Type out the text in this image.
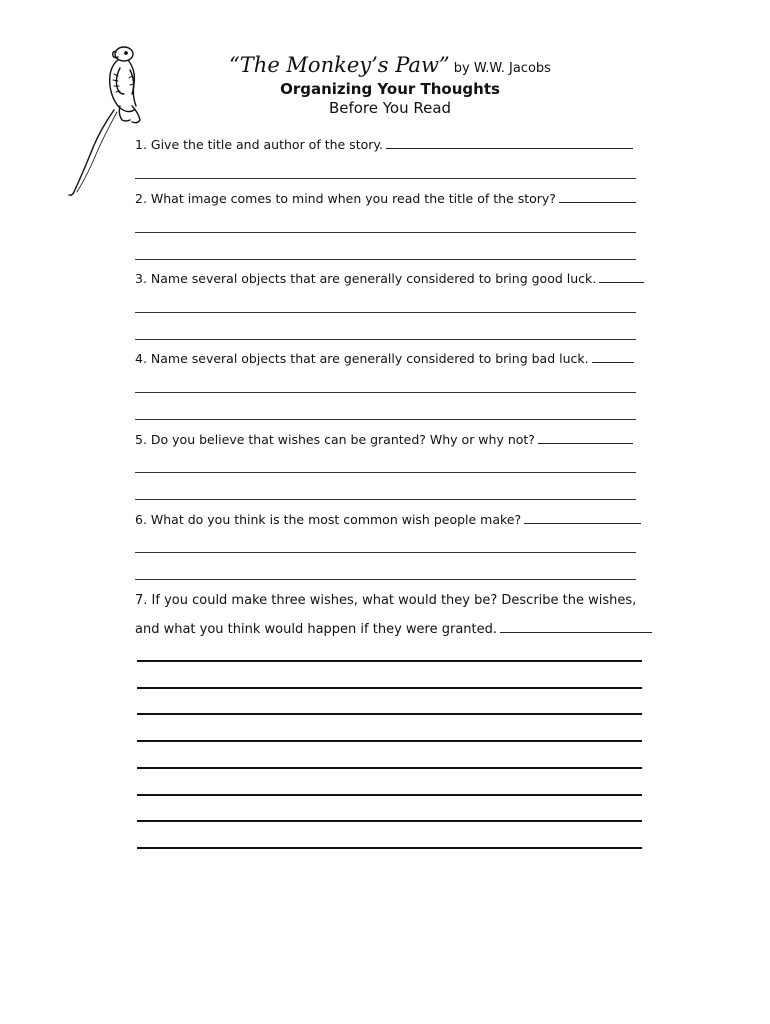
“The Monkey’s Paw” by W.W. Jacobs
Organizing Your Thoughts
Before You Read
1. Give the title and author of the story.
2. What image comes to mind when you read the title of the story?
3. Name several objects that are generally considered to bring good luck.
4. Name several objects that are generally considered to bring bad luck.
5. Do you believe that wishes can be granted? Why or why not?
6. What do you think is the most common wish people make?
7. If you could make three wishes, what would they be? Describe the wishes,
and what you think would happen if they were granted.
